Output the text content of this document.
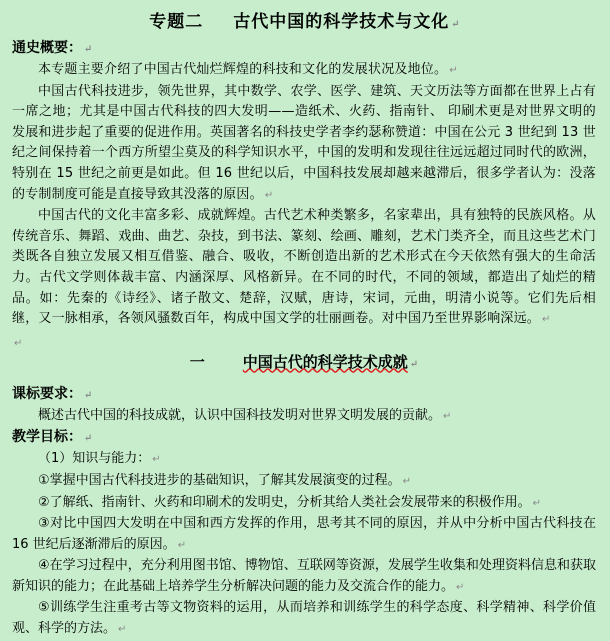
专题二 古代中国的科学技术与文化 ↵

通史概要： ↵

本专题主要介绍了中国古代灿烂辉煌的科技和文化的发展状况及地位。 ↵

中国古代科技进步，领先世界，其中数学、农学、医学、建筑、天文历法等方面都在世界上占有一席之地；尤其是中国古代科技的四大发明——造纸术、火药、指南针、 印刷术更是对世界文明的发展和进步起了重要的促进作用。英国著名的科技史学者李约瑟称赞道：中国在公元 3 世纪到 13 世纪之间保持着一个西方所望尘莫及的科学知识水平，中国的发明和发现往往远远超过同时代的欧洲，特别在 15 世纪之前更是如此。但 16 世纪以后，中国科技发展却越来越滞后，很多学者认为：没落的专制制度可能是直接导致其没落的原因。 ↵

中国古代的文化丰富多彩、成就辉煌。古代艺术种类繁多，名家辈出，具有独特的民族风格。从传统音乐、舞蹈、戏曲、曲艺、杂技，到书法、篆刻、绘画、雕刻，艺术门类齐全，而且这些艺术门类既各自独立发展又相互借鉴、融合、吸收，不断创造出新的艺术形式在今天依然有强大的生命活力。古代文学则体裁丰富、内涵深厚、风格新异。在不同的时代，不同的领域，都造出了灿烂的精品。如：先秦的《诗经》、诸子散文、楚辞，汉赋，唐诗，宋词，元曲，明清小说等。它们先后相继，又一脉相承，各领风骚数百年，构成中国文学的壮丽画卷。对中国乃至世界影响深远。 ↵

↵

一	中国古代的科学技术成就 ↵

课标要求： ↵

概述古代中国的科技成就，认识中国科技发明对世界文明发展的贡献。 ↵

教学目标： ↵

（1）知识与能力： ↵

①掌握中国古代科技进步的基础知识，了解其发展演变的过程。 ↵

②了解纸、指南针、火药和印刷术的发明史，分析其给人类社会发展带来的积极作用。 ↵

③对比中国四大发明在中国和西方发挥的作用，思考其不同的原因，并从中分析中国古代科技在 16 世纪后逐渐滞后的原因。 ↵

④在学习过程中，充分利用图书馆、博物馆、互联网等资源，发展学生收集和处理资料信息和获取新知识的能力；在此基础上培养学生分析解决问题的能力及交流合作的能力。 ↵

⑤训练学生注重考古等文物资料的运用，从而培养和训练学生的科学态度、科学精神、科学价值观、科学的方法。 ↵
